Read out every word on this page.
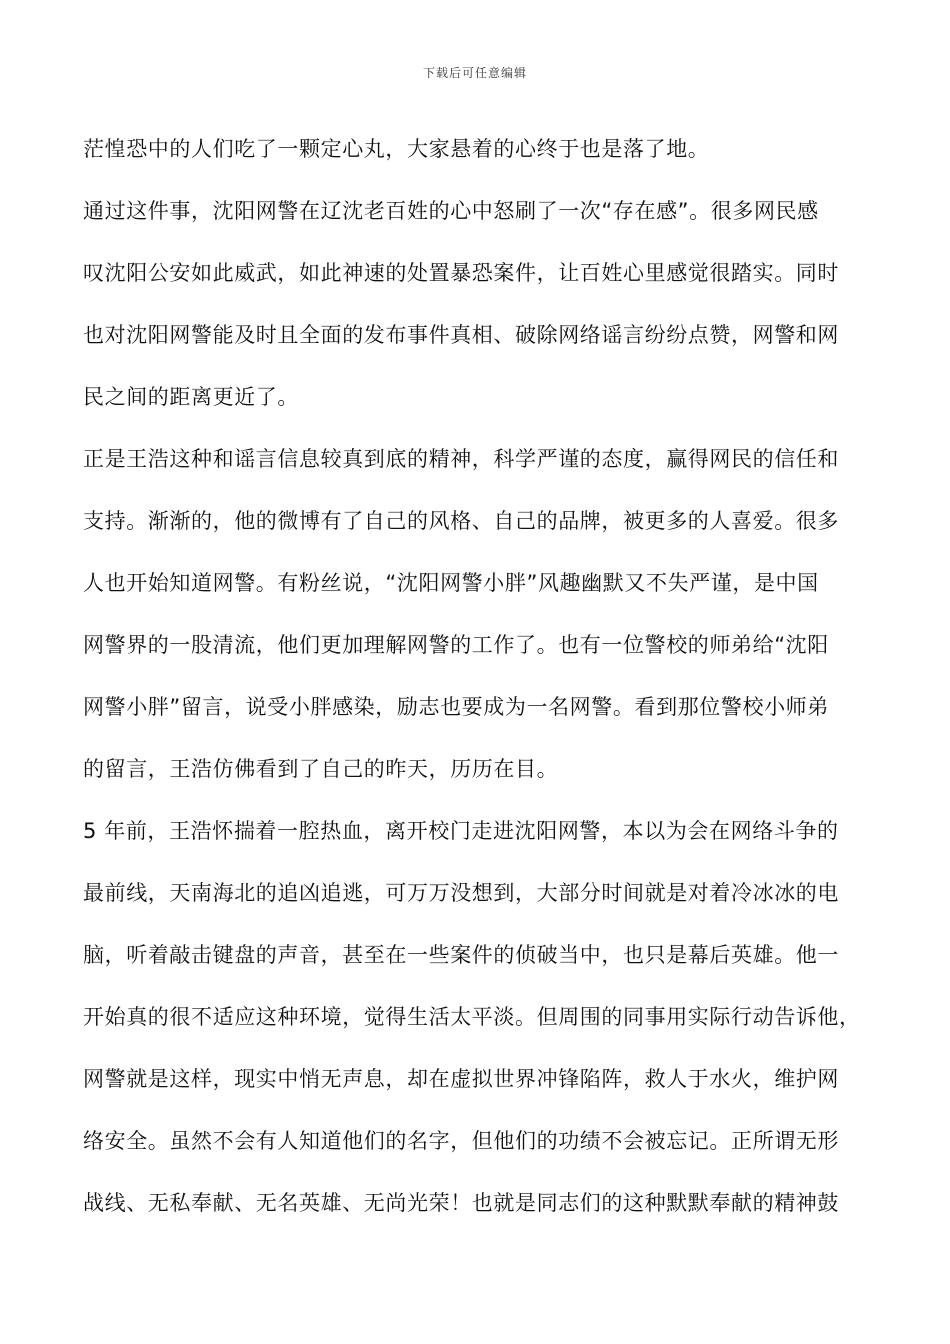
下载后可任意编辑

茫惶恐中的人们吃了一颗定心丸，大家悬着的心终于也是落了地。

通过这件事，沈阳网警在辽沈老百姓的心中怒刷了一次“存在感”。很多网民感
叹沈阳公安如此威武，如此神速的处置暴恐案件，让百姓心里感觉很踏实。同时
也对沈阳网警能及时且全面的发布事件真相、破除网络谣言纷纷点赞，网警和网
民之间的距离更近了。

正是王浩这种和谣言信息较真到底的精神，科学严谨的态度，赢得网民的信任和
支持。渐渐的，他的微博有了自己的风格、自己的品牌，被更多的人喜爱。很多
人也开始知道网警。有粉丝说，“沈阳网警小胖”风趣幽默又不失严谨，是中国
网警界的一股清流，他们更加理解网警的工作了。也有一位警校的师弟给“沈阳
网警小胖”留言，说受小胖感染，励志也要成为一名网警。看到那位警校小师弟
的留言，王浩仿佛看到了自己的昨天，历历在目。

5 年前，王浩怀揣着一腔热血，离开校门走进沈阳网警，本以为会在网络斗争的
最前线，天南海北的追凶追逃，可万万没想到，大部分时间就是对着冷冰冰的电
脑，听着敲击键盘的声音，甚至在一些案件的侦破当中，也只是幕后英雄。他一
开始真的很不适应这种环境，觉得生活太平淡。但周围的同事用实际行动告诉他，
网警就是这样，现实中悄无声息，却在虚拟世界冲锋陷阵，救人于水火，维护网
络安全。虽然不会有人知道他们的名字，但他们的功绩不会被忘记。正所谓无形
战线、无私奉献、无名英雄、无尚光荣！也就是同志们的这种默默奉献的精神鼓
